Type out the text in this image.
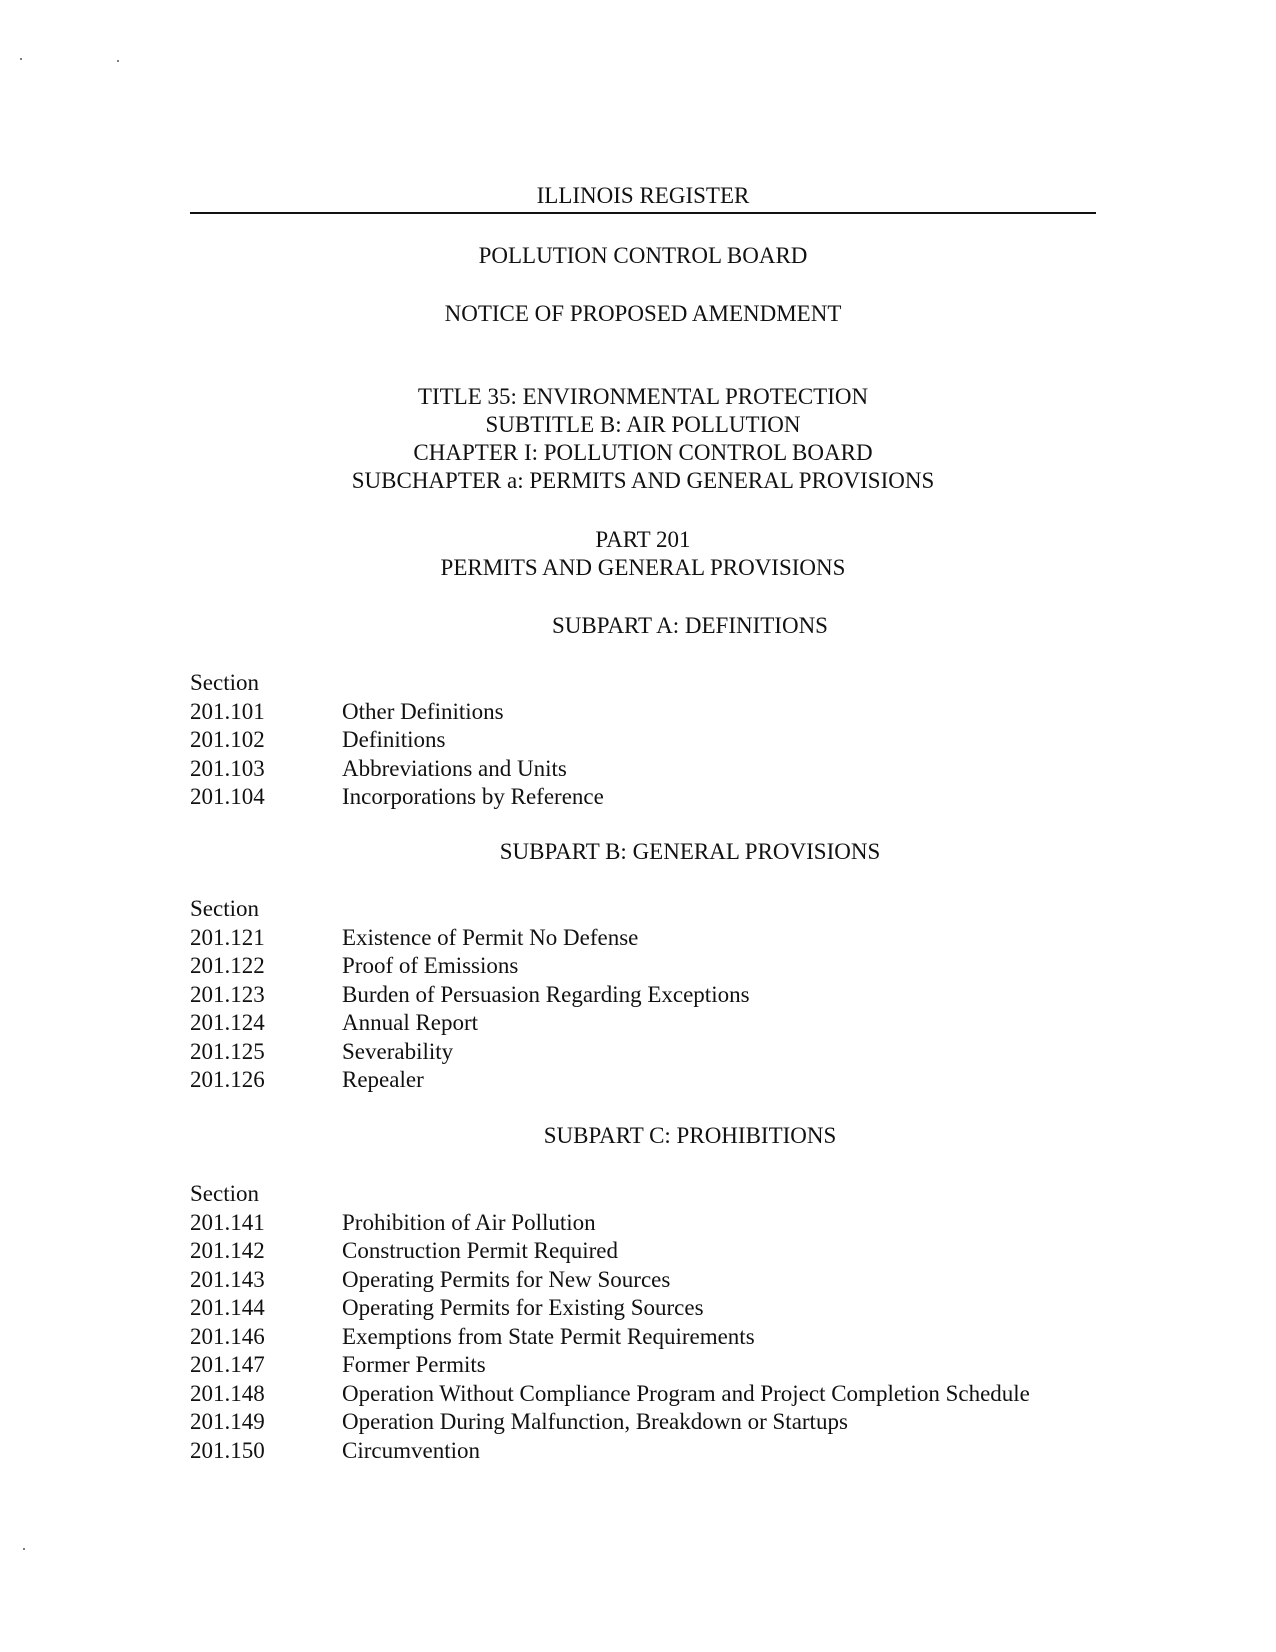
ILLINOIS REGISTER
POLLUTION CONTROL BOARD
NOTICE OF PROPOSED AMENDMENT
TITLE 35: ENVIRONMENTAL PROTECTION
SUBTITLE B: AIR POLLUTION
CHAPTER I: POLLUTION CONTROL BOARD
SUBCHAPTER a: PERMITS AND GENERAL PROVISIONS
PART 201
PERMITS AND GENERAL PROVISIONS
SUBPART A: DEFINITIONS
Section
201.101	Other Definitions
201.102	Definitions
201.103	Abbreviations and Units
201.104	Incorporations by Reference
SUBPART B: GENERAL PROVISIONS
Section
201.121	Existence of Permit No Defense
201.122	Proof of Emissions
201.123	Burden of Persuasion Regarding Exceptions
201.124	Annual Report
201.125	Severability
201.126	Repealer
SUBPART C: PROHIBITIONS
Section
201.141	Prohibition of Air Pollution
201.142	Construction Permit Required
201.143	Operating Permits for New Sources
201.144	Operating Permits for Existing Sources
201.146	Exemptions from State Permit Requirements
201.147	Former Permits
201.148	Operation Without Compliance Program and Project Completion Schedule
201.149	Operation During Malfunction, Breakdown or Startups
201.150	Circumvention
